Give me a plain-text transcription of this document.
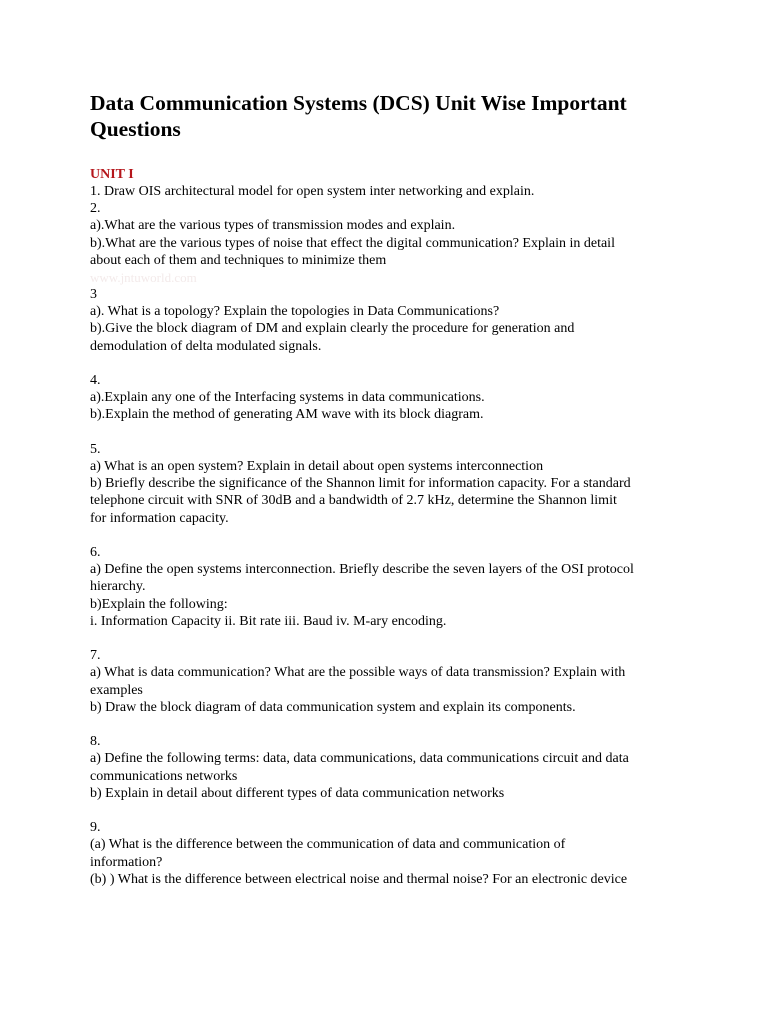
Data Communication Systems (DCS) Unit Wise Important
Questions

UNIT I

1. Draw OIS architectural model for open system inter networking and explain.

2.

a).What are the various types of transmission modes and explain.

b).What are the various types of noise that effect the digital communication? Explain in detail

about each of them and techniques to minimize them

www.jntuworld.com

3

a). What is a topology? Explain the topologies in Data Communications?

b).Give the block diagram of DM and explain clearly the procedure for generation and

demodulation of delta modulated signals.

4.

a).Explain any one of the Interfacing systems in data communications.

b).Explain the method of generating AM wave with its block diagram.

5.

a) What is an open system? Explain in detail about open systems interconnection

b) Briefly describe the significance of the Shannon limit for information capacity. For a standard

telephone circuit with SNR of 30dB and a bandwidth of 2.7 kHz, determine the Shannon limit

for information capacity.

6.

a) Define the open systems interconnection. Briefly describe the seven layers of the OSI protocol

hierarchy.

b)Explain the following:

i. Information Capacity ii. Bit rate iii. Baud iv. M-ary encoding.

7.

a) What is data communication? What are the possible ways of data transmission? Explain with

examples

b) Draw the block diagram of data communication system and explain its components.

8.

a) Define the following terms: data, data communications, data communications circuit and data

communications networks

b) Explain in detail about different types of data communication networks

9.

(a) What is the difference between the communication of data and communication of

information?

(b) ) What is the difference between electrical noise and thermal noise? For an electronic device
